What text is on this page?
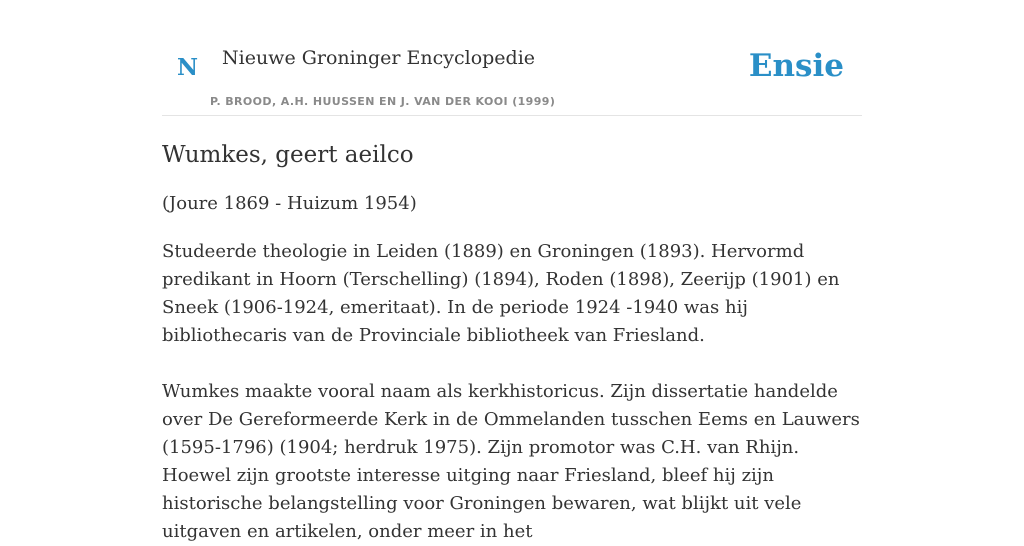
N Nieuwe Groninger Encyclopedie
P. BROOD, A.H. HUUSSEN EN J. VAN DER KOOI (1999)
Ensie
Wumkes, geert aeilco

(Joure 1869 - Huizum 1954)

Studeerde theologie in Leiden (1889) en Groningen (1893). Hervormd predikant in Hoorn (Terschelling) (1894), Roden (1898), Zeerijp (1901) en Sneek (1906-1924, emeritaat). In de periode 1924 -1940 was hij bibliothecaris van de Provinciale bibliotheek van Friesland.

Wumkes maakte vooral naam als kerkhistoricus. Zijn dissertatie handelde over De Gereformeerde Kerk in de Ommelanden tusschen Eems en Lauwers (1595-1796) (1904; herdruk 1975). Zijn promotor was C.H. van Rhijn. Hoewel zijn grootste interesse uitging naar Friesland, bleef hij zijn historische belangstelling voor Groningen bewaren, wat blijkt uit vele uitgaven en artikelen, onder meer in het
